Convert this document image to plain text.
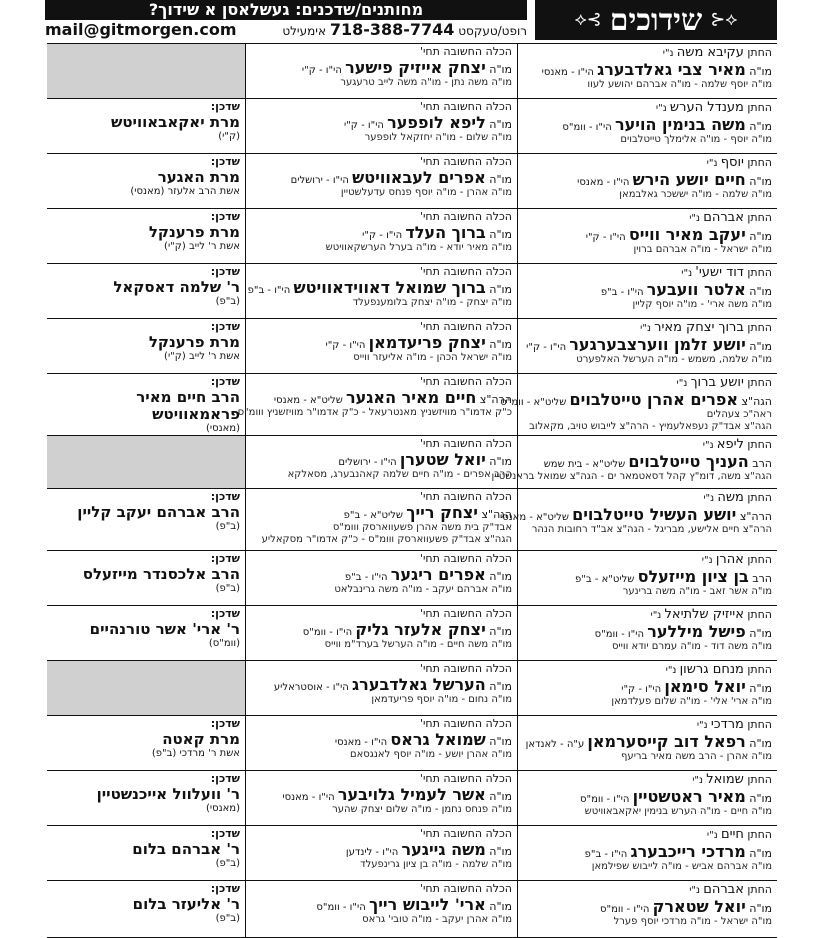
⟡⊰
שידוכים
⊱⟡
מחותנים/שדכנים: געשלאסן א שידוך?
רופט/טעקסט 718-388-7744 אימעילט
mail@gitmorgen.com
החתן עקיבא משה נ"י
מו"ה מאיר צבי גאלדבערג הי"ו - מאנסי
מו"ה יוסף שלמה - מו"ה אברהם יהושע לעוו
הכלה החשובה תחי'
מו"ה יצחק אייזיק פישער הי"ו - ק"י
מו"ה משה נתן - מו"ה משה לייב טרעגער
החתן מענדל הערש נ"י
מו"ה משה בנימין הויער הי"ו - וומ"ס
מו"ה יוסף - מו"ה אלימלך טייטלבוים
הכלה החשובה תחי'
מו"ה ליפא לופפער הי"ו - ק"י
מו"ה שלום - מו"ה יחזקאל לופפער
שדכן:
מרת יאקאבאוויטש
(ק"י)
החתן יוסף נ"י
מו"ה חיים יושע הירש הי"ו - מאנסי
מו"ה שלמה - מו"ה יששכר גאלבמאן
הכלה החשובה תחי'
מו"ה אפרים לעבאוויטש הי"ו - ירושלים
מו"ה אהרן - מו"ה יוסף פנחס עדעלשטיין
שדכן:
מרת האגער
אשת הרב אלעזר (מאנסי)
החתן אברהם נ"י
מו"ה יעקב מאיר ווייס הי"ו - ק"י
מו"ה ישראל - מו"ה אברהם ברוין
הכלה החשובה תחי'
מו"ה ברוך העלד הי"ו - ק"י
מו"ה מאיר יודא - מו"ה בערל הערשקאוויטש
שדכן:
מרת פרענקל
אשת ר' לייב (ק"י)
החתן דוד ישעי' נ"י
מו"ה אלטר וועבער הי"ו - ב"פ
מו"ה משה ארי' - מו"ה יוסף קליין
הכלה החשובה תחי'
מו"ה ברוך שמואל דאווידאוויטש הי"ו - ב"פ
מו"ה יצחק - מו"ה יצחק בלומענפעלד
שדכן:
ר' שלמה דאסקאל
(ב"פ)
החתן ברוך יצחק מאיר נ"י
מו"ה יושע זלמן ווערצבערגער הי"ו - ק"י
מו"ה שלמה, משמש - מו"ה הערשל האלפערט
הכלה החשובה תחי'
מו"ה יצחק פריעדמאן הי"ו - ק"י
מו"ה ישראל הכהן - מו"ה אליעזר ווייס
שדכן:
מרת פרענקל
אשת ר' לייב (ק"י)
החתן יושע ברוך נ"י
הגה"צ אפרים אהרן טייטלבוים שליט"א - וומ"ס
ראה"כ צעהלים
הגה"צ אבד"ק נעפאלעמיץ - הרה"צ לייבוש טויב, מקאלוב
הכלה החשובה תחי'
הרה"צ חיים מאיר האגער שליט"א - מאנסי
כ"ק אדמו"ר מוויזשניץ מאנטרעאל - כ"ק אדמו"ר מוויזשניץ ווומ"ס
שדכן:
הרב חיים מאיר
פראמאוויטש
(מאנסי)
החתן ליפא נ"י
הרב העניך טייטלבוים שליט"א - בית שמש
הגה"צ משה, דומ"ץ קהל דסאטמאר ים - הגה"צ שמואל בראנשטיין
הכלה החשובה תחי'
מו"ה יואל שטערן הי"ו - ירושלים
הרב אפרים - מו"ה חיים שלמה קאהנבערג, מסאלקא
החתן משה נ"י
הרה"צ יושע העשיל טייטלבוים שליט"א - מאנסי
הרה"צ חיים אלישע, מבריגל - הגה"צ אב"ד רחובות הנהר
הכלה החשובה תחי'
הגה"צ יצחק רייך שליט"א - ב"פ
אבד"ק בית משה אהרן פשעווארסק ווומ"ס
הגה"צ אבד"ק פשעווארסק ווומ"ס - כ"ק אדמו"ר מסקאליע
שדכן:
הרב אברהם יעקב קליין
(ב"פ)
החתן אהרן נ"י
הרב בן ציון מייזעלס שליט"א - ב"פ
מו"ה אשר זאב - מו"ה משה ברינער
הכלה החשובה תחי'
מו"ה אפרים ריגער הי"ו - ב"פ
מו"ה אברהם יעקב - מו"ה משה גרינבלאט
שדכן:
הרב אלכסנדר מייזעלס
(ב"פ)
החתן אייזיק שלתיאל נ"י
מו"ה פישל מיללער הי"ו - וומ"ס
מו"ה משה דוד - מו"ה עמרם יודא ווייס
הכלה החשובה תחי'
מו"ה יצחק אלעזר גליק הי"ו - וומ"ס
מו"ה משה חיים - מו"ה הערשל בערד"מ ווייס
שדכן:
ר' ארי' אשר טורנהיים
(וומ"ס)
החתן מנחם גרשון נ"י
מו"ה יואל סימאן הי"ו - ק"י
מו"ה ארי' אלי' - מו"ה שלום פעלדמאן
הכלה החשובה תחי'
מו"ה הערשל גאלדבערג הי"ו - אוסטראליע
מו"ה נחום - מו"ה יוסף פריעדמאן
החתן מרדכי נ"י
מו"ה רפאל דוב קייסערמאן ע"ה - לאנדאן
מו"ה אהרן - הרב משה מאיר בריעף
הכלה החשובה תחי'
מו"ה שמואל גראס הי"ו - מאנסי
מו"ה אהרן יושע - מו"ה יוסף לאנגסאם
שדכן:
מרת קאטה
אשת ר' מרדכי (ב"פ)
החתן שמואל נ"י
מו"ה מאיר ראטשטיין הי"ו - וומ"ס
מו"ה חיים - מו"ה הערש בנימין יאקאבאוויטש
הכלה החשובה תחי'
מו"ה אשר לעמיל גלויבער הי"ו - מאנסי
מו"ה פנחס נחמן - מו"ה שלום יצחק שהער
שדכן:
ר' וועלוול אייכנשטיין
(מאנסי)
החתן חיים נ"י
מו"ה מרדכי רייכבערג הי"ו - ב"פ
מו"ה אברהם אביש - מו"ה לייבוש שפילמאן
הכלה החשובה תחי'
מו"ה משה גייגער הי"ו - לינדען
מו"ה שלמה - מו"ה בן ציון גרינפעלד
שדכן:
ר' אברהם בלום
(ב"פ)
החתן אברהם נ"י
מו"ה יואל שטארק הי"ו - וומ"ס
מו"ה ישראל - מו"ה מרדכי יוסף פערל
הכלה החשובה תחי'
מו"ה ארי' לייבוש רייך הי"ו - וומ"ס
מו"ה אהרן יעקב - מו"ה טובי' גראס
שדכן:
ר' אליעזר בלום
(ב"פ)
